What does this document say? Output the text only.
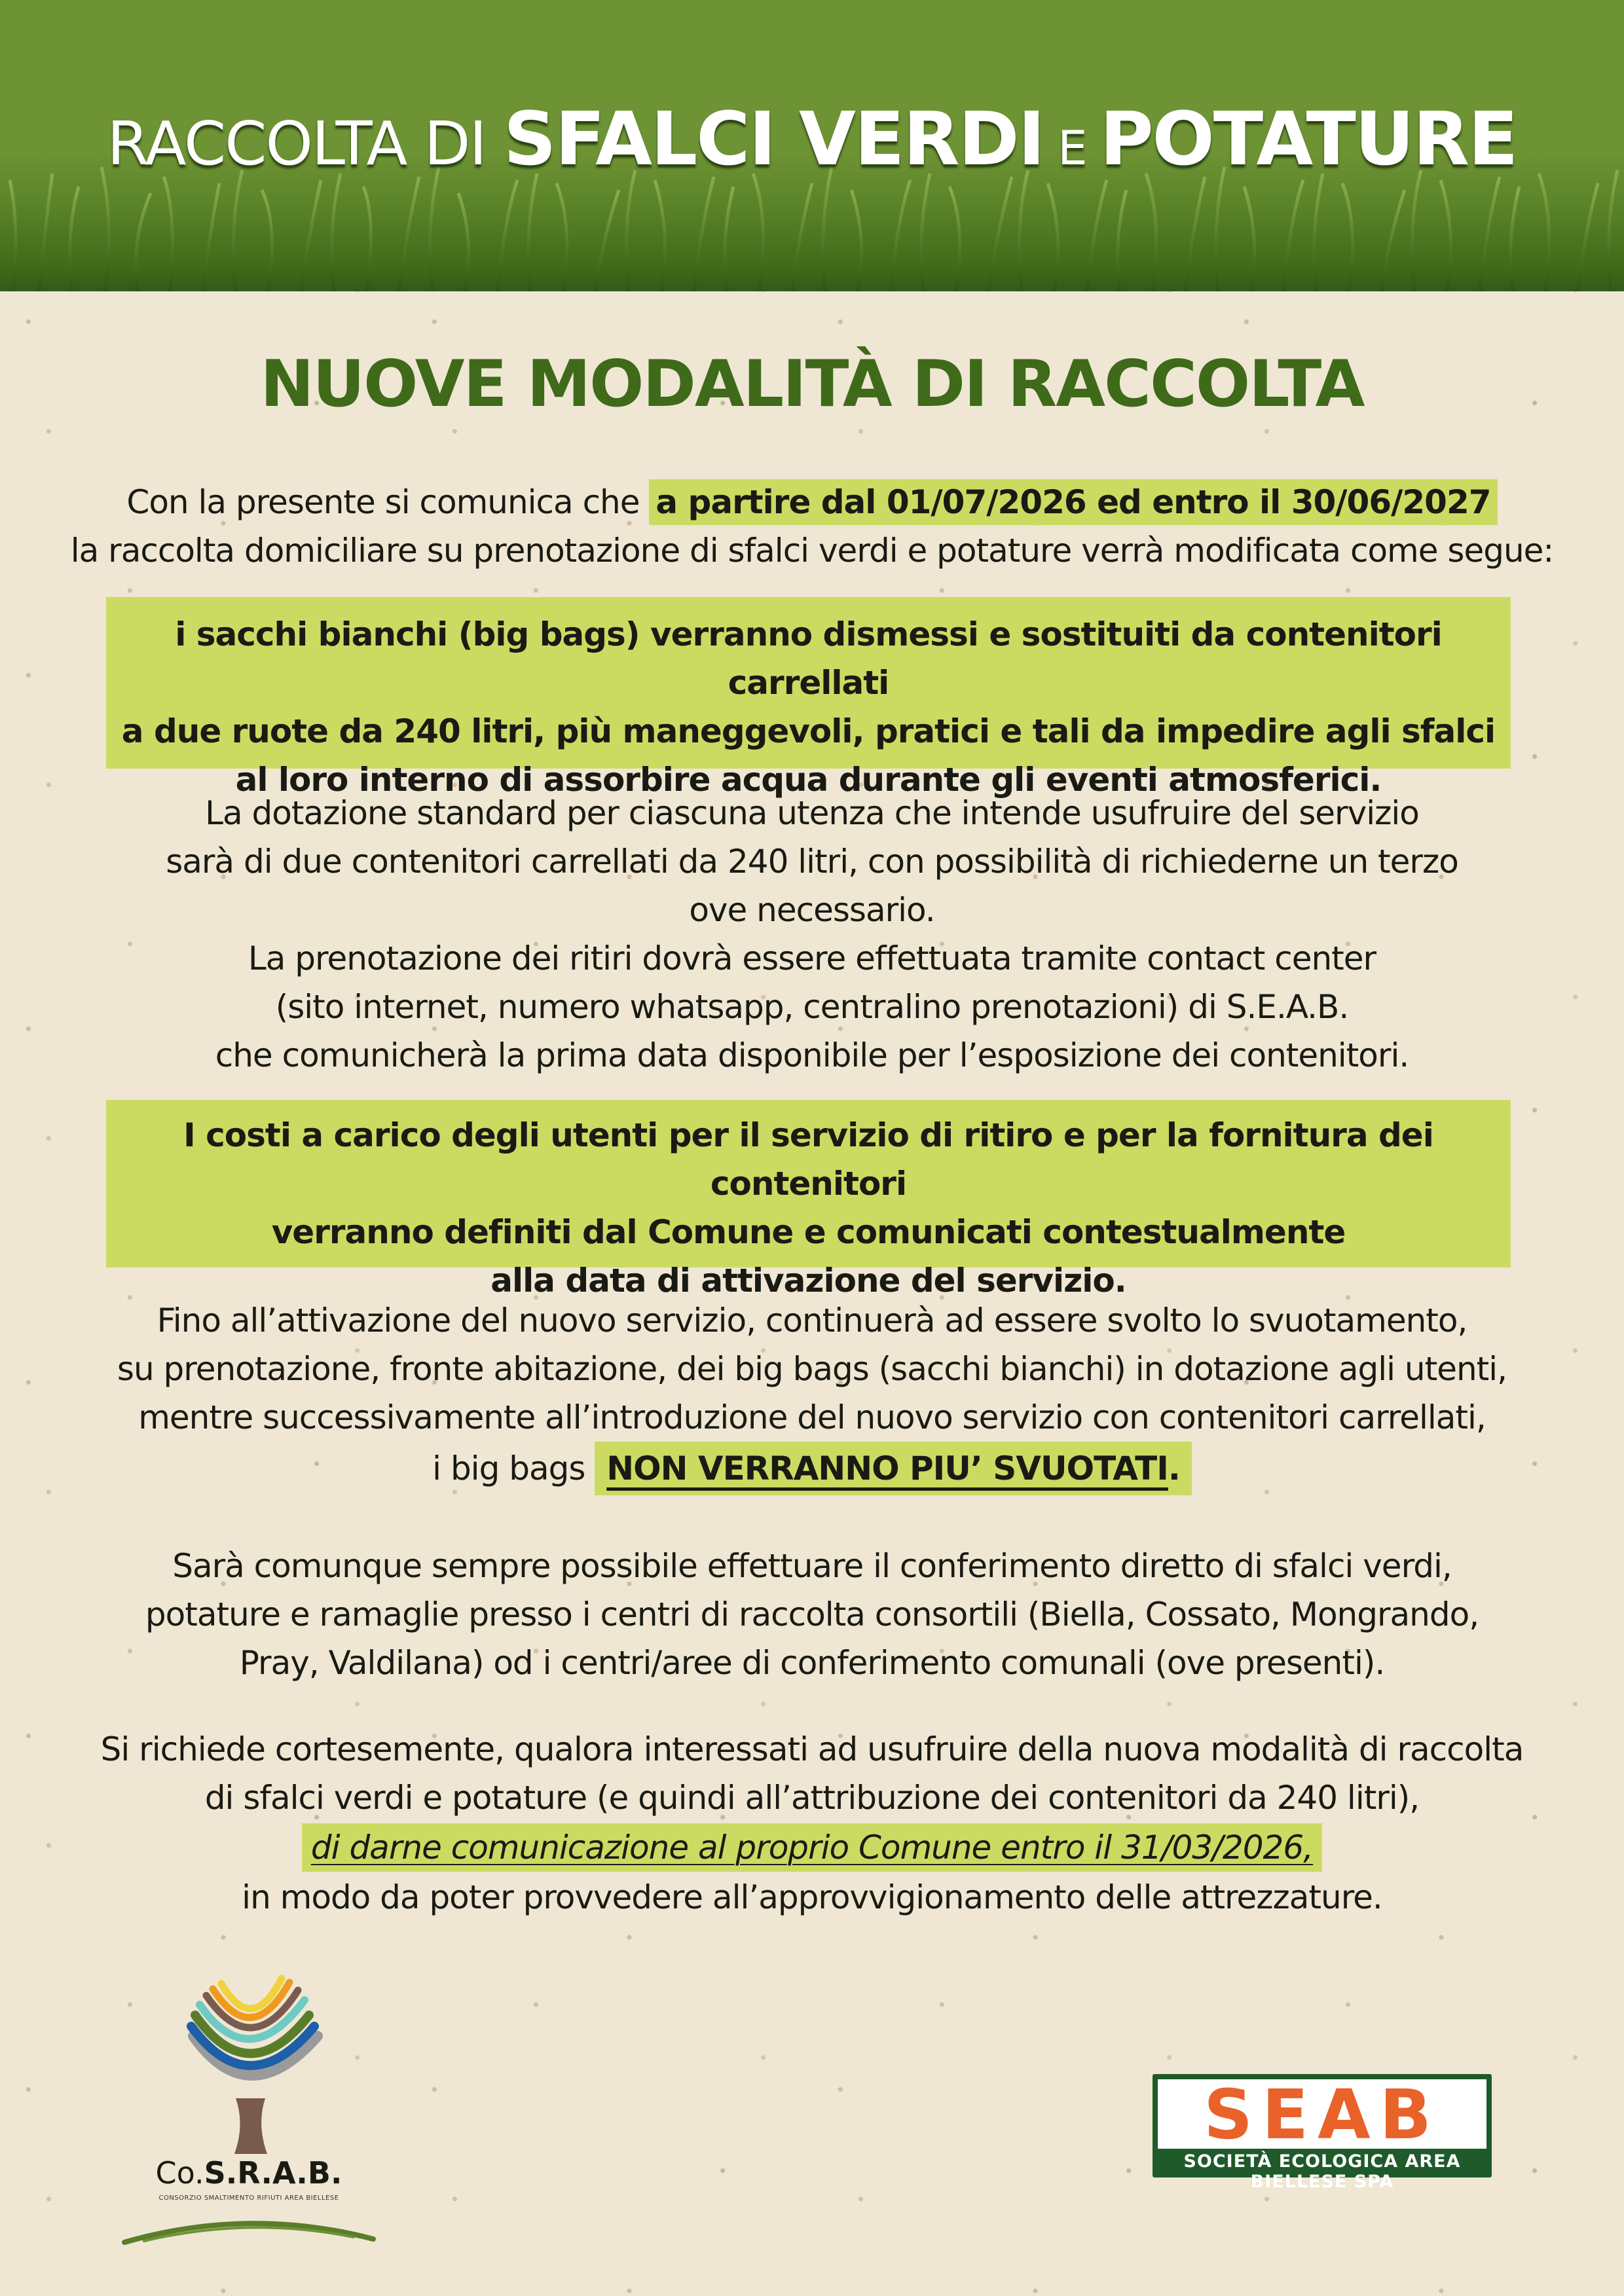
RACCOLTA DI SFALCI VERDI E POTATURE
NUOVE MODALITÀ DI RACCOLTA
Con la presente si comunica che a partire dal 01/07/2026 ed entro il 30/06/2027
la raccolta domiciliare su prenotazione di sfalci verdi e potature verrà modificata come segue:
i sacchi bianchi (big bags) verranno dismessi e sostituiti da contenitori carrellati
a due ruote da 240 litri, più maneggevoli, pratici e tali da impedire agli sfalci
al loro interno di assorbire acqua durante gli eventi atmosferici.
La dotazione standard per ciascuna utenza che intende usufruire del servizio
sarà di due contenitori carrellati da 240 litri, con possibilità di richiederne un terzo
ove necessario.
La prenotazione dei ritiri dovrà essere effettuata tramite contact center
(sito internet, numero whatsapp, centralino prenotazioni) di S.E.A.B.
che comunicherà la prima data disponibile per l’esposizione dei contenitori.
I costi a carico degli utenti per il servizio di ritiro e per la fornitura dei contenitori
verranno definiti dal Comune e comunicati contestualmente
alla data di attivazione del servizio.
Fino all’attivazione del nuovo servizio, continuerà ad essere svolto lo svuotamento,
su prenotazione, fronte abitazione, dei big bags (sacchi bianchi) in dotazione agli utenti,
mentre successivamente all’introduzione del nuovo servizio con contenitori carrellati,
i big bags NON VERRANNO PIU’ SVUOTATI.
Sarà comunque sempre possibile effettuare il conferimento diretto di sfalci verdi,
potature e ramaglie presso i centri di raccolta consortili (Biella, Cossato, Mongrando,
Pray, Valdilana) od i centri/aree di conferimento comunali (ove presenti).
Si richiede cortesemente, qualora interessati ad usufruire della nuova modalità di raccolta
di sfalci verdi e potature (e quindi all’attribuzione dei contenitori da 240 litri),
di darne comunicazione al proprio Comune entro il 31/03/2026,
in modo da poter provvedere all’approvvigionamento delle attrezzature.
Co.S.R.A.B.
CONSORZIO SMALTIMENTO RIFIUTI AREA BIELLESE
SEAB
SOCIETÀ ECOLOGICA AREA BIELLESE SPA
